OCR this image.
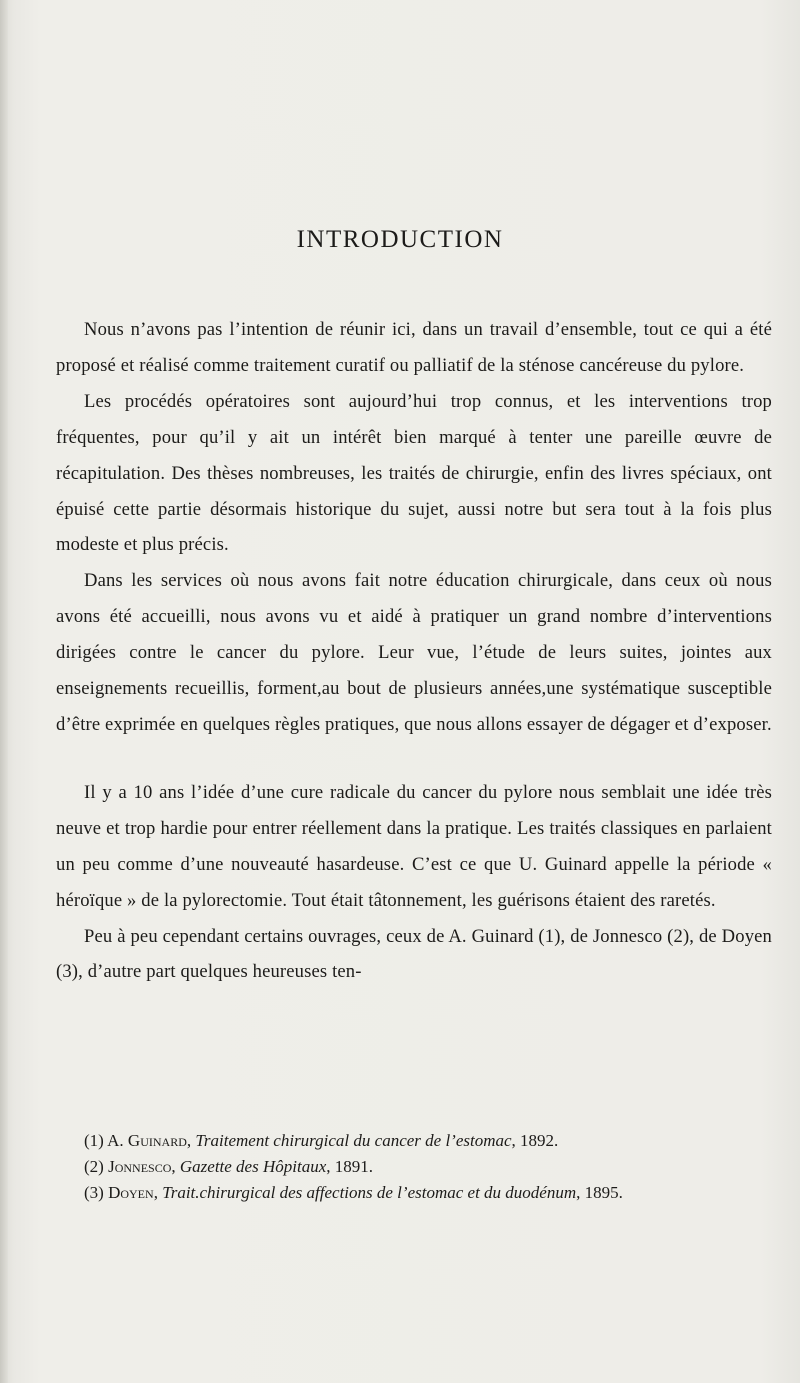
INTRODUCTION

Nous n’avons pas l’intention de réunir ici, dans un travail d’ensemble, tout ce qui a été proposé et réalisé comme traitement curatif ou palliatif de la sténose cancéreuse du pylore.

Les procédés opératoires sont aujourd’hui trop connus, et les interventions trop fréquentes, pour qu’il y ait un intérêt bien marqué à tenter une pareille œuvre de récapitulation. Des thèses nombreuses, les traités de chirurgie, enfin des livres spéciaux, ont épuisé cette partie désormais historique du sujet, aussi notre but sera tout à la fois plus modeste et plus précis.

Dans les services où nous avons fait notre éducation chirurgicale, dans ceux où nous avons été accueilli, nous avons vu et aidé à pratiquer un grand nombre d’interventions dirigées contre le cancer du pylore. Leur vue, l’étude de leurs suites, jointes aux enseignements recueillis, forment,au bout de plusieurs années,une systématique susceptible d’être exprimée en quelques règles pratiques, que nous allons essayer de dégager et d’exposer.

Il y a 10 ans l’idée d’une cure radicale du cancer du pylore nous semblait une idée très neuve et trop hardie pour entrer réellement dans la pratique. Les traités classiques en parlaient un peu comme d’une nouveauté hasardeuse. C’est ce que U. Guinard appelle la période « héroïque » de la pylorectomie. Tout était tâtonnement, les guérisons étaient des raretés.

Peu à peu cependant certains ouvrages, ceux de A. Guinard (1), de Jonnesco (2), de Doyen (3), d’autre part quelques heureuses ten-

(1) A. Guinard, Traitement chirurgical du cancer de l’estomac, 1892.

(2) Jonnesco, Gazette des Hôpitaux, 1891.

(3) Doyen, Trait.chirurgical des affections de l’estomac et du duodénum, 1895.
